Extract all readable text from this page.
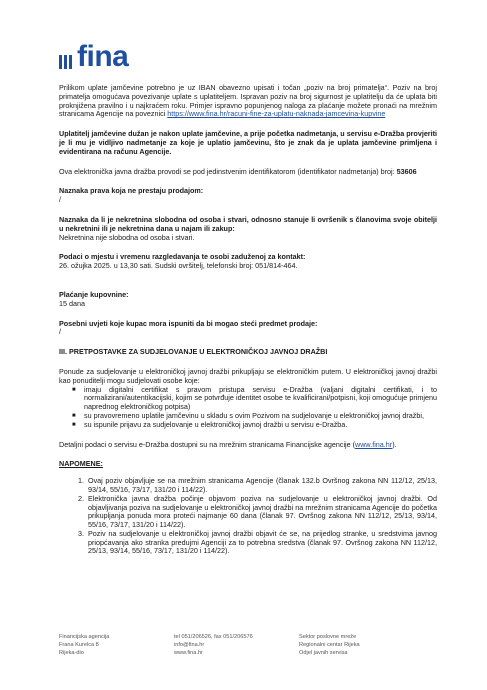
fina

Prilikom uplate jamčevine potrebno je uz IBAN obavezno upisati i točan „poziv na broj primatelja“. Poziv na broj primatelja omogućava povezivanje uplate s uplatiteljem. Ispravan poziv na broj sigurnost je uplatitelju da će uplata biti proknjižena pravilno i u najkraćem roku. Primjer ispravno popunjenog naloga za plaćanje možete pronaći na mrežnim stranicama Agencije na poveznici https://www.fina.hr/racuni-fine-za-uplatu-naknada-jamcevina-kupvine

Uplatitelj jamčevine dužan je nakon uplate jamčevine, a prije početka nadmetanja, u servisu e-Dražba provjeriti je li mu je vidljivo nadmetanje za koje je uplatio jamčevinu, što je znak da je uplata jamčevine primljena i evidentirana na računu Agencije.

Ova elektronička javna dražba provodi se pod jedinstvenim identifikatorom (identifikator nadmetanja) broj: 53606

Naznaka prava koja ne prestaju prodajom:

/

Naznaka da li je nekretnina slobodna od osoba i stvari, odnosno stanuje li ovršenik s članovima svoje obitelji u nekretnini ili je nekretnina dana u najam ili zakup:

Nekretnina nije slobodna od osoba i stvari.

Podaci o mjestu i vremenu razgledavanja te osobi zaduženoj za kontakt:

26. ožujka 2025. u 13,30 sati. Sudski ovršitelj, telefonski broj: 051/814-464.

Plaćanje kupovnine:

15 dana

Posebni uvjeti koje kupac mora ispuniti da bi mogao steći predmet prodaje:

/

III. PRETPOSTAVKE ZA SUDJELOVANJE U ELEKTRONIČKOJ JAVNOJ DRAŽBI

Ponude za sudjelovanje u elektroničkoj javnoj dražbi prikupljaju se elektroničkim putem. U elektroničkoj javnoj dražbi kao ponuditelji mogu sudjelovati osobe koje:

■ imaju digitalni certifikat s pravom pristupa servisu e-Dražba (valjani digitalni certifikati, i to normalizirani/autentikacijski, kojim se potvrđuje identitet osobe te kvalificirani/potpisni, koji omogućuje primjenu naprednog elektroničkog potpisa)
■ su pravovremeno uplatile jamčevinu u skladu s ovim Pozivom na sudjelovanje u elektroničkoj javnoj dražbi,
■ su ispunile prijavu za sudjelovanje u elektroničkoj javnoj dražbi u servisu e-Dražba.

Detaljni podaci o servisu e-Dražba dostupni su na mrežnim stranicama Financijske agencije (www.fina.hr).

NAPOMENE:

1. Ovaj poziv objavljuje se na mrežnim stranicama Agencije (članak 132.b Ovršnog zakona NN 112/12, 25/13, 93/14, 55/16, 73/17, 131/20 i 114/22).
2. Elektronička javna dražba počinje objavom poziva na sudjelovanje u elektroničkoj javnoj dražbi. Od objavljivanja poziva na sudjelovanje u elektroničkoj javnoj dražbi na mrežnim stranicama Agencije do početka prikupljanja ponuda mora proteći najmanje 60 dana (članak 97. Ovršnog zakona NN 112/12, 25/13, 93/14, 55/16, 73/17, 131/20 i 114/22).
3. Poziv na sudjelovanje u elektroničkoj javnoj dražbi objavit će se, na prijedlog stranke, u sredstvima javnog priopćavanja ako stranka predujmi Agenciji za to potrebna sredstva (članak 97. Ovršnog zakona NN 112/12, 25/13, 93/14, 55/16, 73/17, 131/20 i 114/22).
Financijska agencija
Frana Kurelca 8
Rijeka-dio
tel 051/206526, fax 051/206576
info@fina.hr
www.fina.hr
Sektor poslovne mreže
Regionalni centar Rijeka
Odjel javnih servisa
